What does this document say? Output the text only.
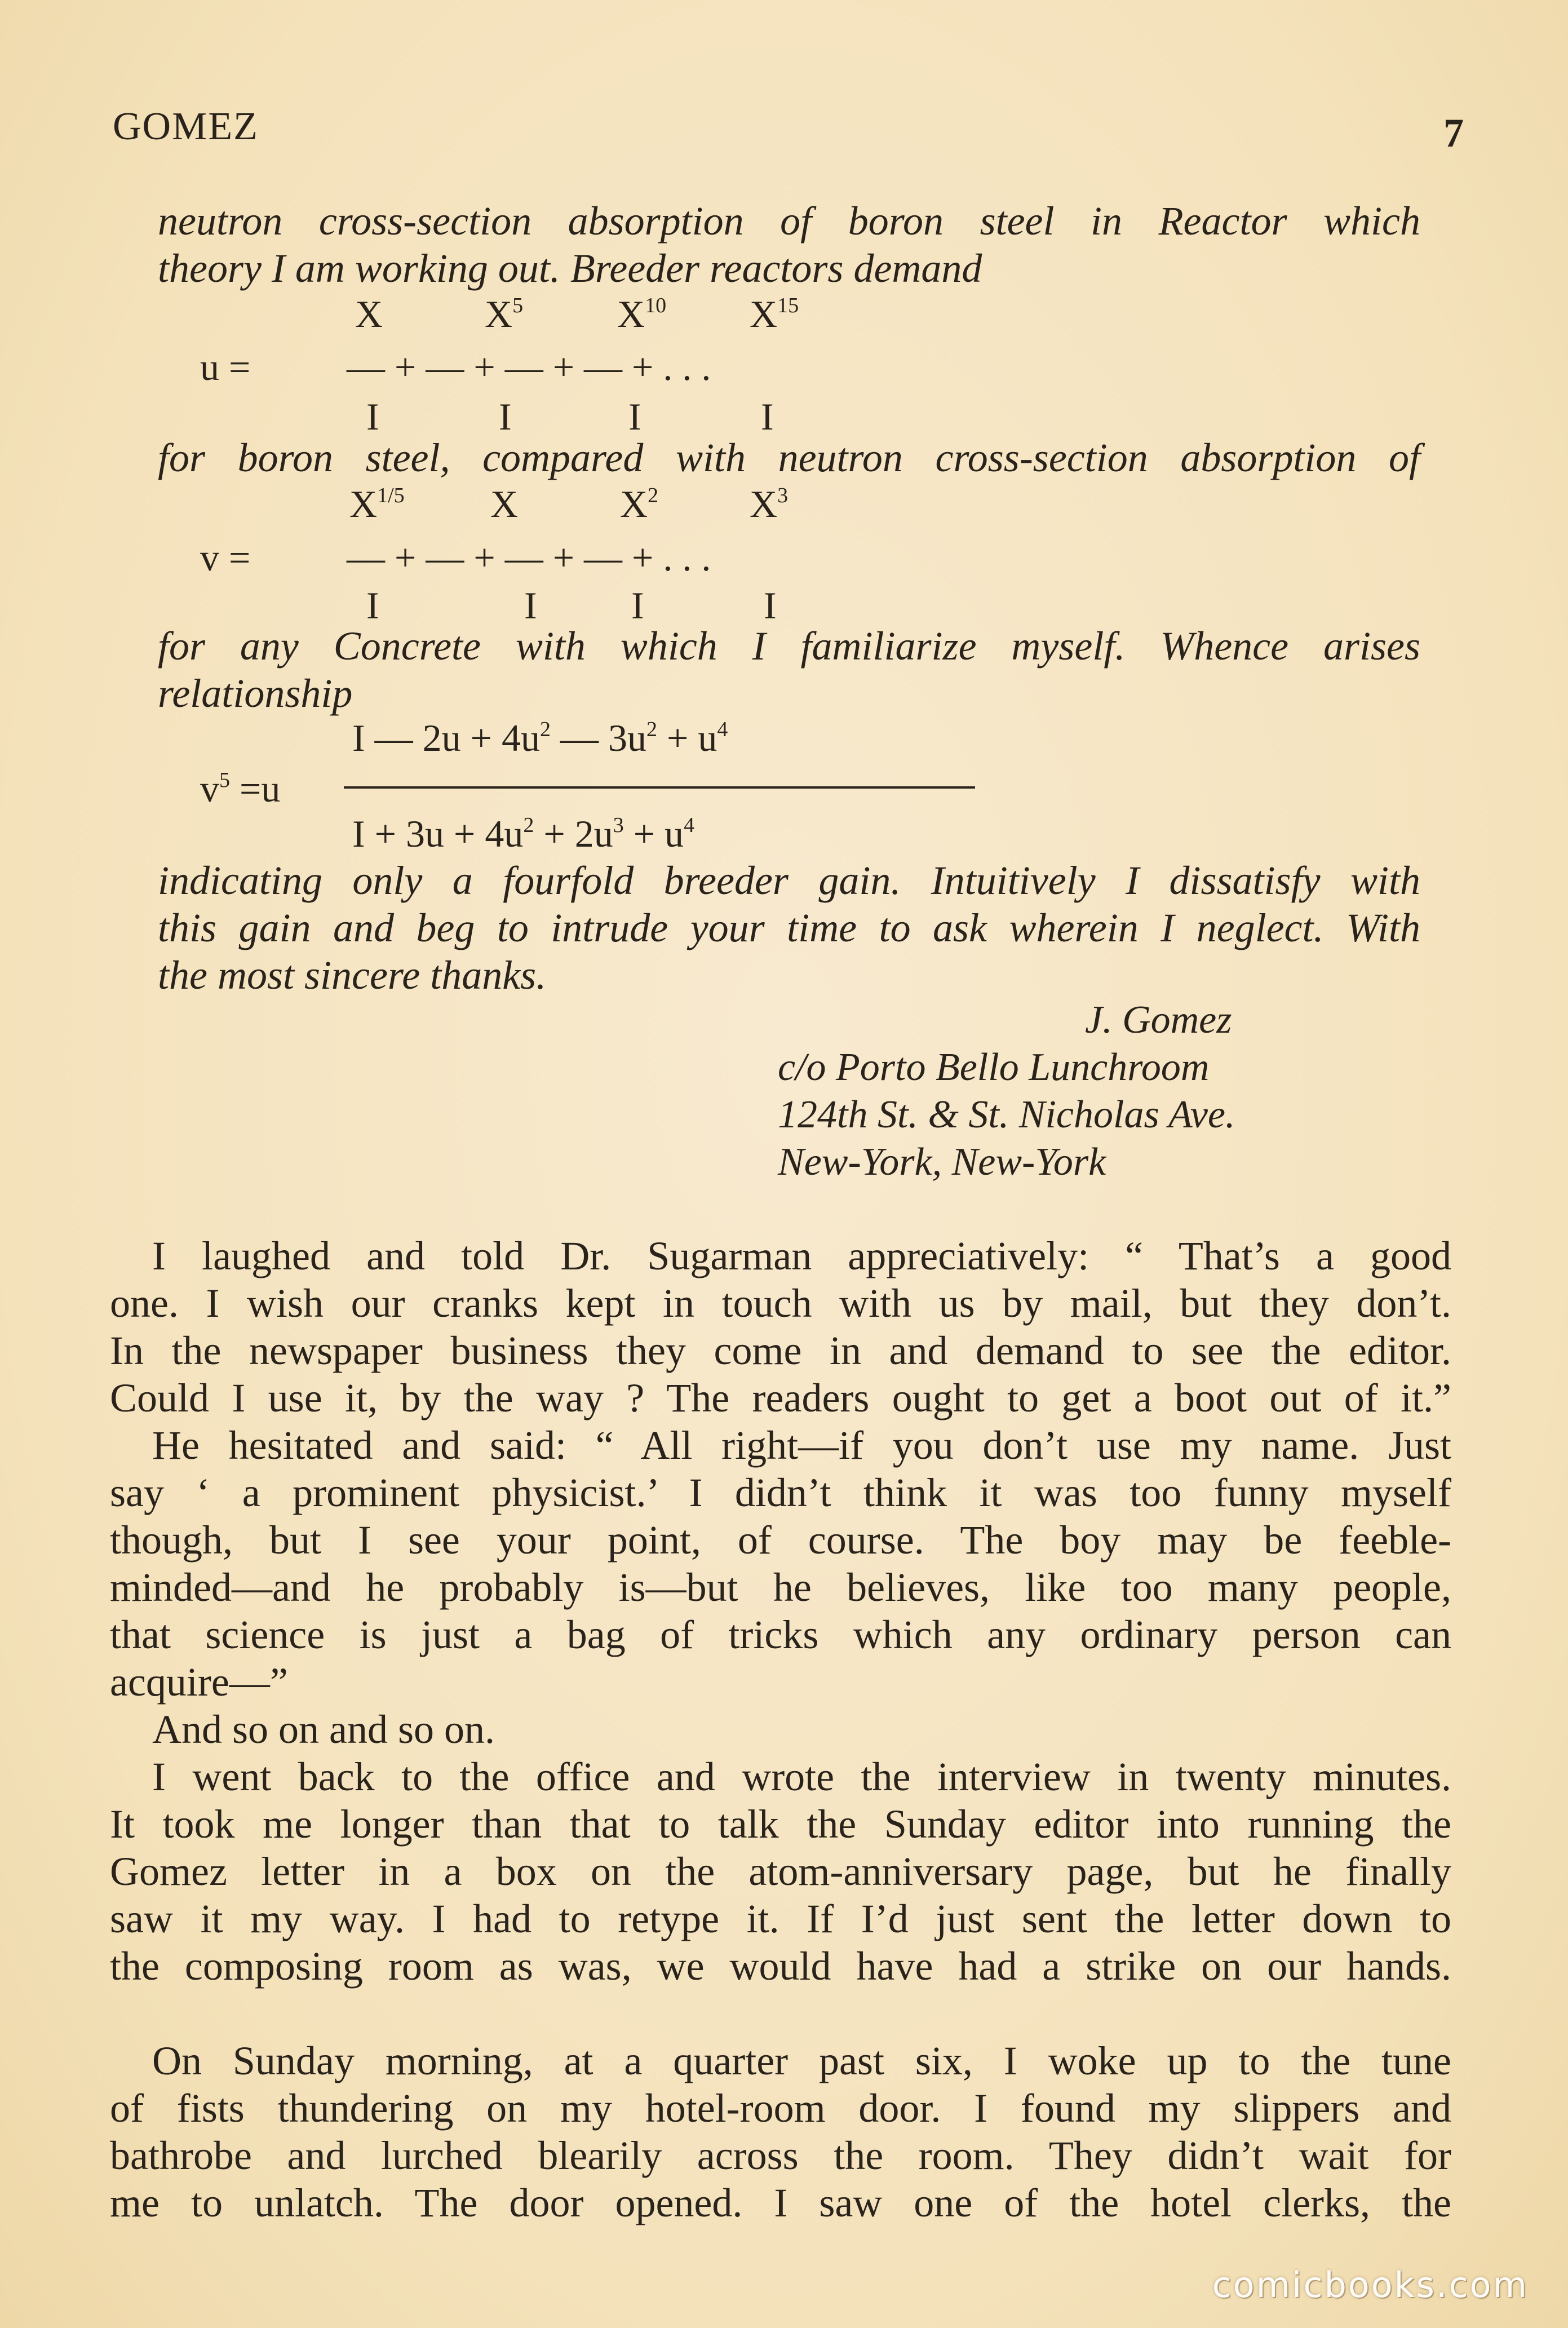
GOMEZ	7
neutron cross-section absorption of boron steel in Reactor which
theory I am working out. Breeder reactors demand
X	$X^5$ $X^{10}$ $X^{15}$
u =	— + — + — + — + . . .
I	I	I	I
for boron steel, compared with neutron cross-section absorption of
$X^{1/5}$ X	$X^2$ $X^3$
v =	— + — + — + — + . . .
I	I I	I
for any Concrete with which I familiarize myself. Whence arises
relationship
I — $2u + 4u^2$ — $3u^2 + u^4$
$v^5 =u$
$I + 3u + 4u^2 + 2u^3 + u^4$
indicating only a fourfold breeder gain. Intuitively I dissatisfy with
this gain and beg to intrude your time to ask wherein I neglect. With
the most sincere thanks.
J. Gomez
c/o Porto Bello Lunchroom
124th St. & St. Nicholas Ave.
New-York, New-York
I laughed and told Dr. Sugarman appreciatively: “ That’s a good
one. I wish our cranks kept in touch with us by mail, but they don’t.
In the newspaper business they come in and demand to see the editor.
Could I use it, by the way ? The readers ought to get a boot out of it.”
He hesitated and said: “ All right—if you don’t use my name. Just
say ‘ a prominent physicist.’ I didn’t think it was too funny myself
though, but I see your point, of course. The boy may be feeble-
minded—and he probably is—but he believes, like too many people,
that science is just a bag of tricks which any ordinary person can
acquire—”
And so on and so on.
I went back to the office and wrote the interview in twenty minutes.
It took me longer than that to talk the Sunday editor into running the
Gomez letter in a box on the atom-anniversary page, but he finally
saw it my way. I had to retype it. If I’d just sent the letter down to
the composing room as was, we would have had a strike on our hands.
On Sunday morning, at a quarter past six, I woke up to the tune
of fists thundering on my hotel-room door. I found my slippers and
bathrobe and lurched blearily across the room. They didn’t wait for
me to unlatch. The door opened. I saw one of the hotel clerks, the
comicbooks.com
